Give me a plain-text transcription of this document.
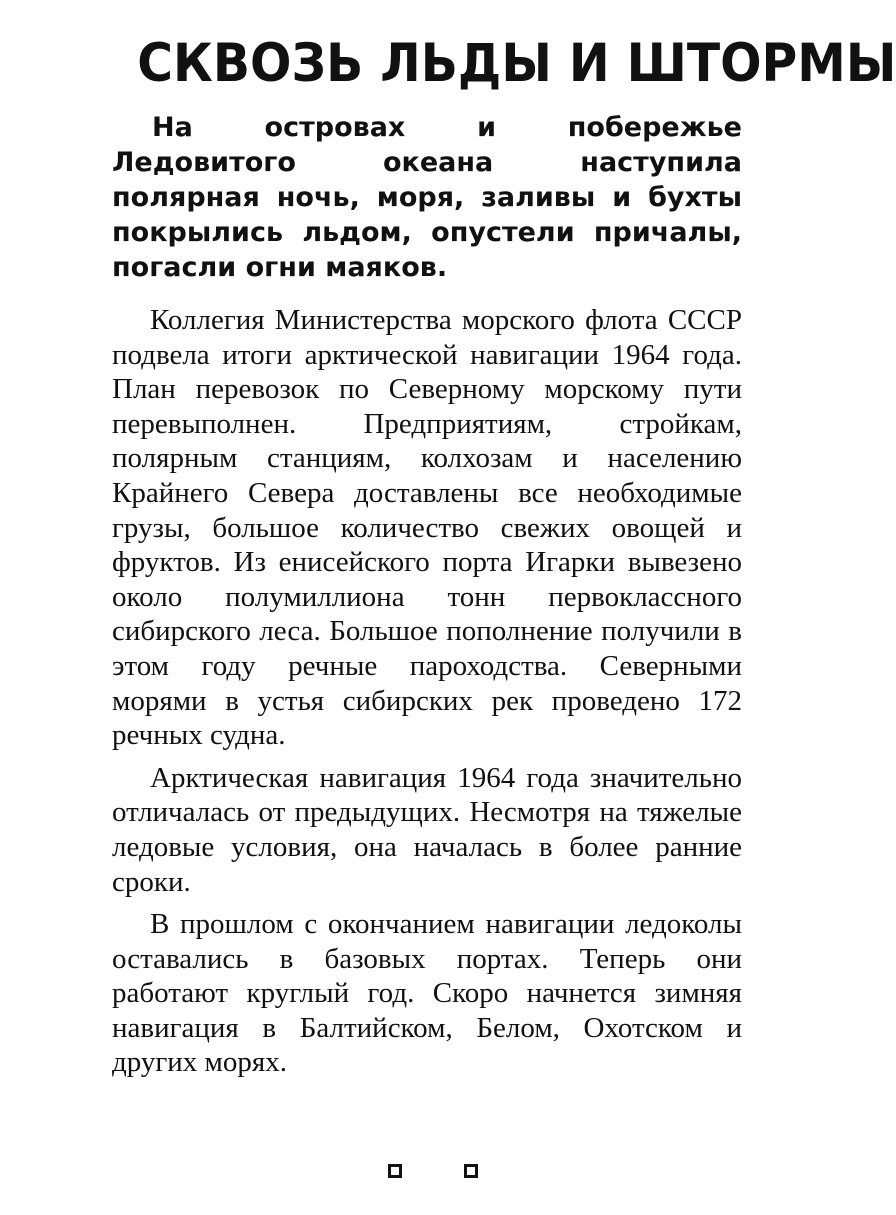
СКВОЗЬ ЛЬДЫ И ШТОРМЫ

На островах и побережье Ледовитого океана наступила полярная ночь, моря, заливы и бухты покрылись льдом, опустели причалы, погасли огни маяков.

Коллегия Министерства морского флота СССР подвела итоги арктической навигации 1964 года. План перевозок по Северному морскому пути перевыполнен. Предприятиям, стройкам, полярным станциям, колхозам и населению Крайнего Севера доставлены все необходимые грузы, большое количество свежих овощей и фруктов. Из енисейского порта Игарки вывезено около полумиллиона тонн первоклассного сибирского леса. Большое пополнение получили в этом году речные пароходства. Северными морями в устья сибирских рек проведено 172 речных судна.

Арктическая навигация 1964 года значительно отличалась от предыдущих. Несмотря на тяжелые ледовые условия, она началась в более ранние сроки.

В прошлом с окончанием навигации ледоколы оставались в базовых портах. Теперь они работают круглый год. Скоро начнется зимняя навигация в Балтийском, Белом, Охотском и других морях.
